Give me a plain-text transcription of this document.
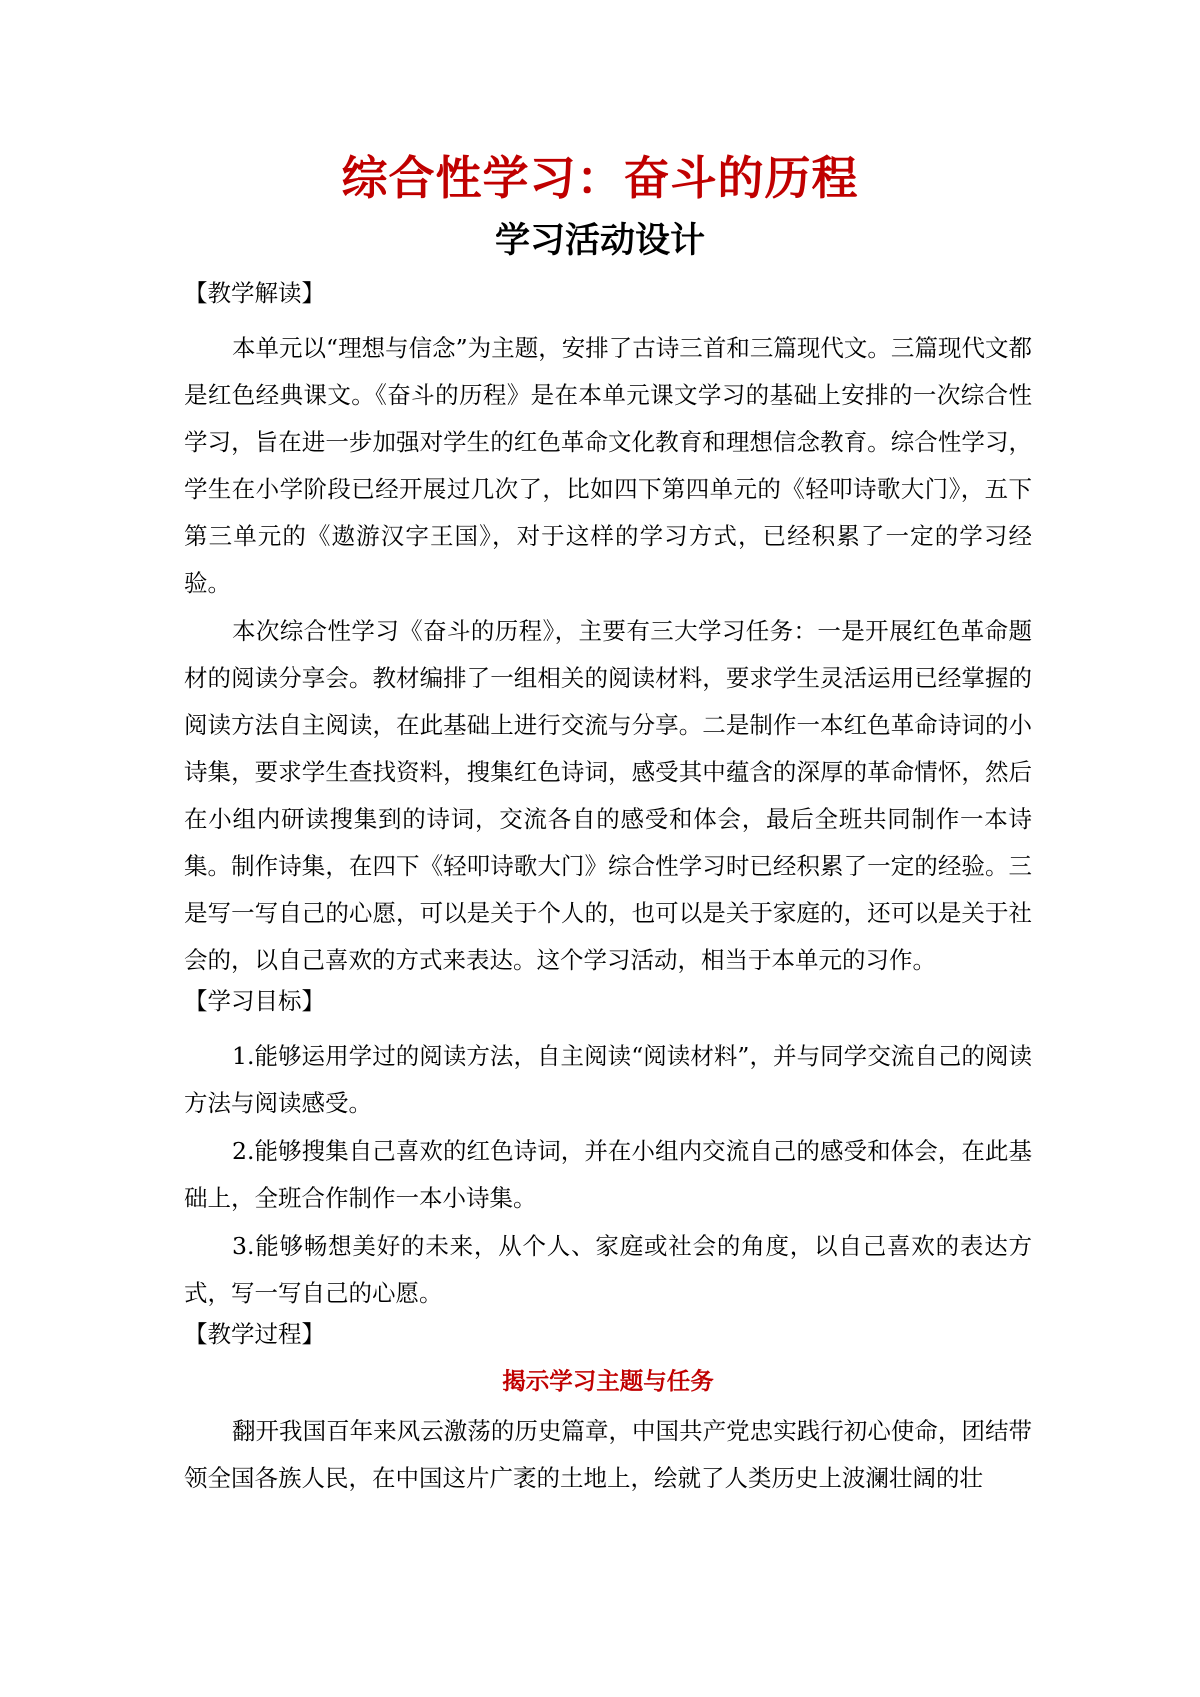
综合性学习：奋斗的历程
学习活动设计
【教学解读】

本单元以“理想与信念”为主题，安排了古诗三首和三篇现代文。三篇现代文都是红色经典课文。《奋斗的历程》是在本单元课文学习的基础上安排的一次综合性学习，旨在进一步加强对学生的红色革命文化教育和理想信念教育。综合性学习，学生在小学阶段已经开展过几次了，比如四下第四单元的《轻叩诗歌大门》，五下第三单元的《遨游汉字王国》，对于这样的学习方式，已经积累了一定的学习经验。

本次综合性学习《奋斗的历程》，主要有三大学习任务：一是开展红色革命题材的阅读分享会。教材编排了一组相关的阅读材料，要求学生灵活运用已经掌握的阅读方法自主阅读，在此基础上进行交流与分享。二是制作一本红色革命诗词的小诗集，要求学生查找资料，搜集红色诗词，感受其中蕴含的深厚的革命情怀，然后在小组内研读搜集到的诗词，交流各自的感受和体会，最后全班共同制作一本诗集。制作诗集，在四下《轻叩诗歌大门》综合性学习时已经积累了一定的经验。三是写一写自己的心愿，可以是关于个人的，也可以是关于家庭的，还可以是关于社会的，以自己喜欢的方式来表达。这个学习活动，相当于本单元的习作。

【学习目标】

1.能够运用学过的阅读方法，自主阅读“阅读材料”，并与同学交流自己的阅读方法与阅读感受。

2.能够搜集自己喜欢的红色诗词，并在小组内交流自己的感受和体会，在此基础上，全班合作制作一本小诗集。

3.能够畅想美好的未来，从个人、家庭或社会的角度，以自己喜欢的表达方式，写一写自己的心愿。

【教学过程】
揭示学习主题与任务

翻开我国百年来风云激荡的历史篇章，中国共产党忠实践行初心使命，团结带领全国各族人民，在中国这片广袤的土地上，绘就了人类历史上波澜壮阔的壮
